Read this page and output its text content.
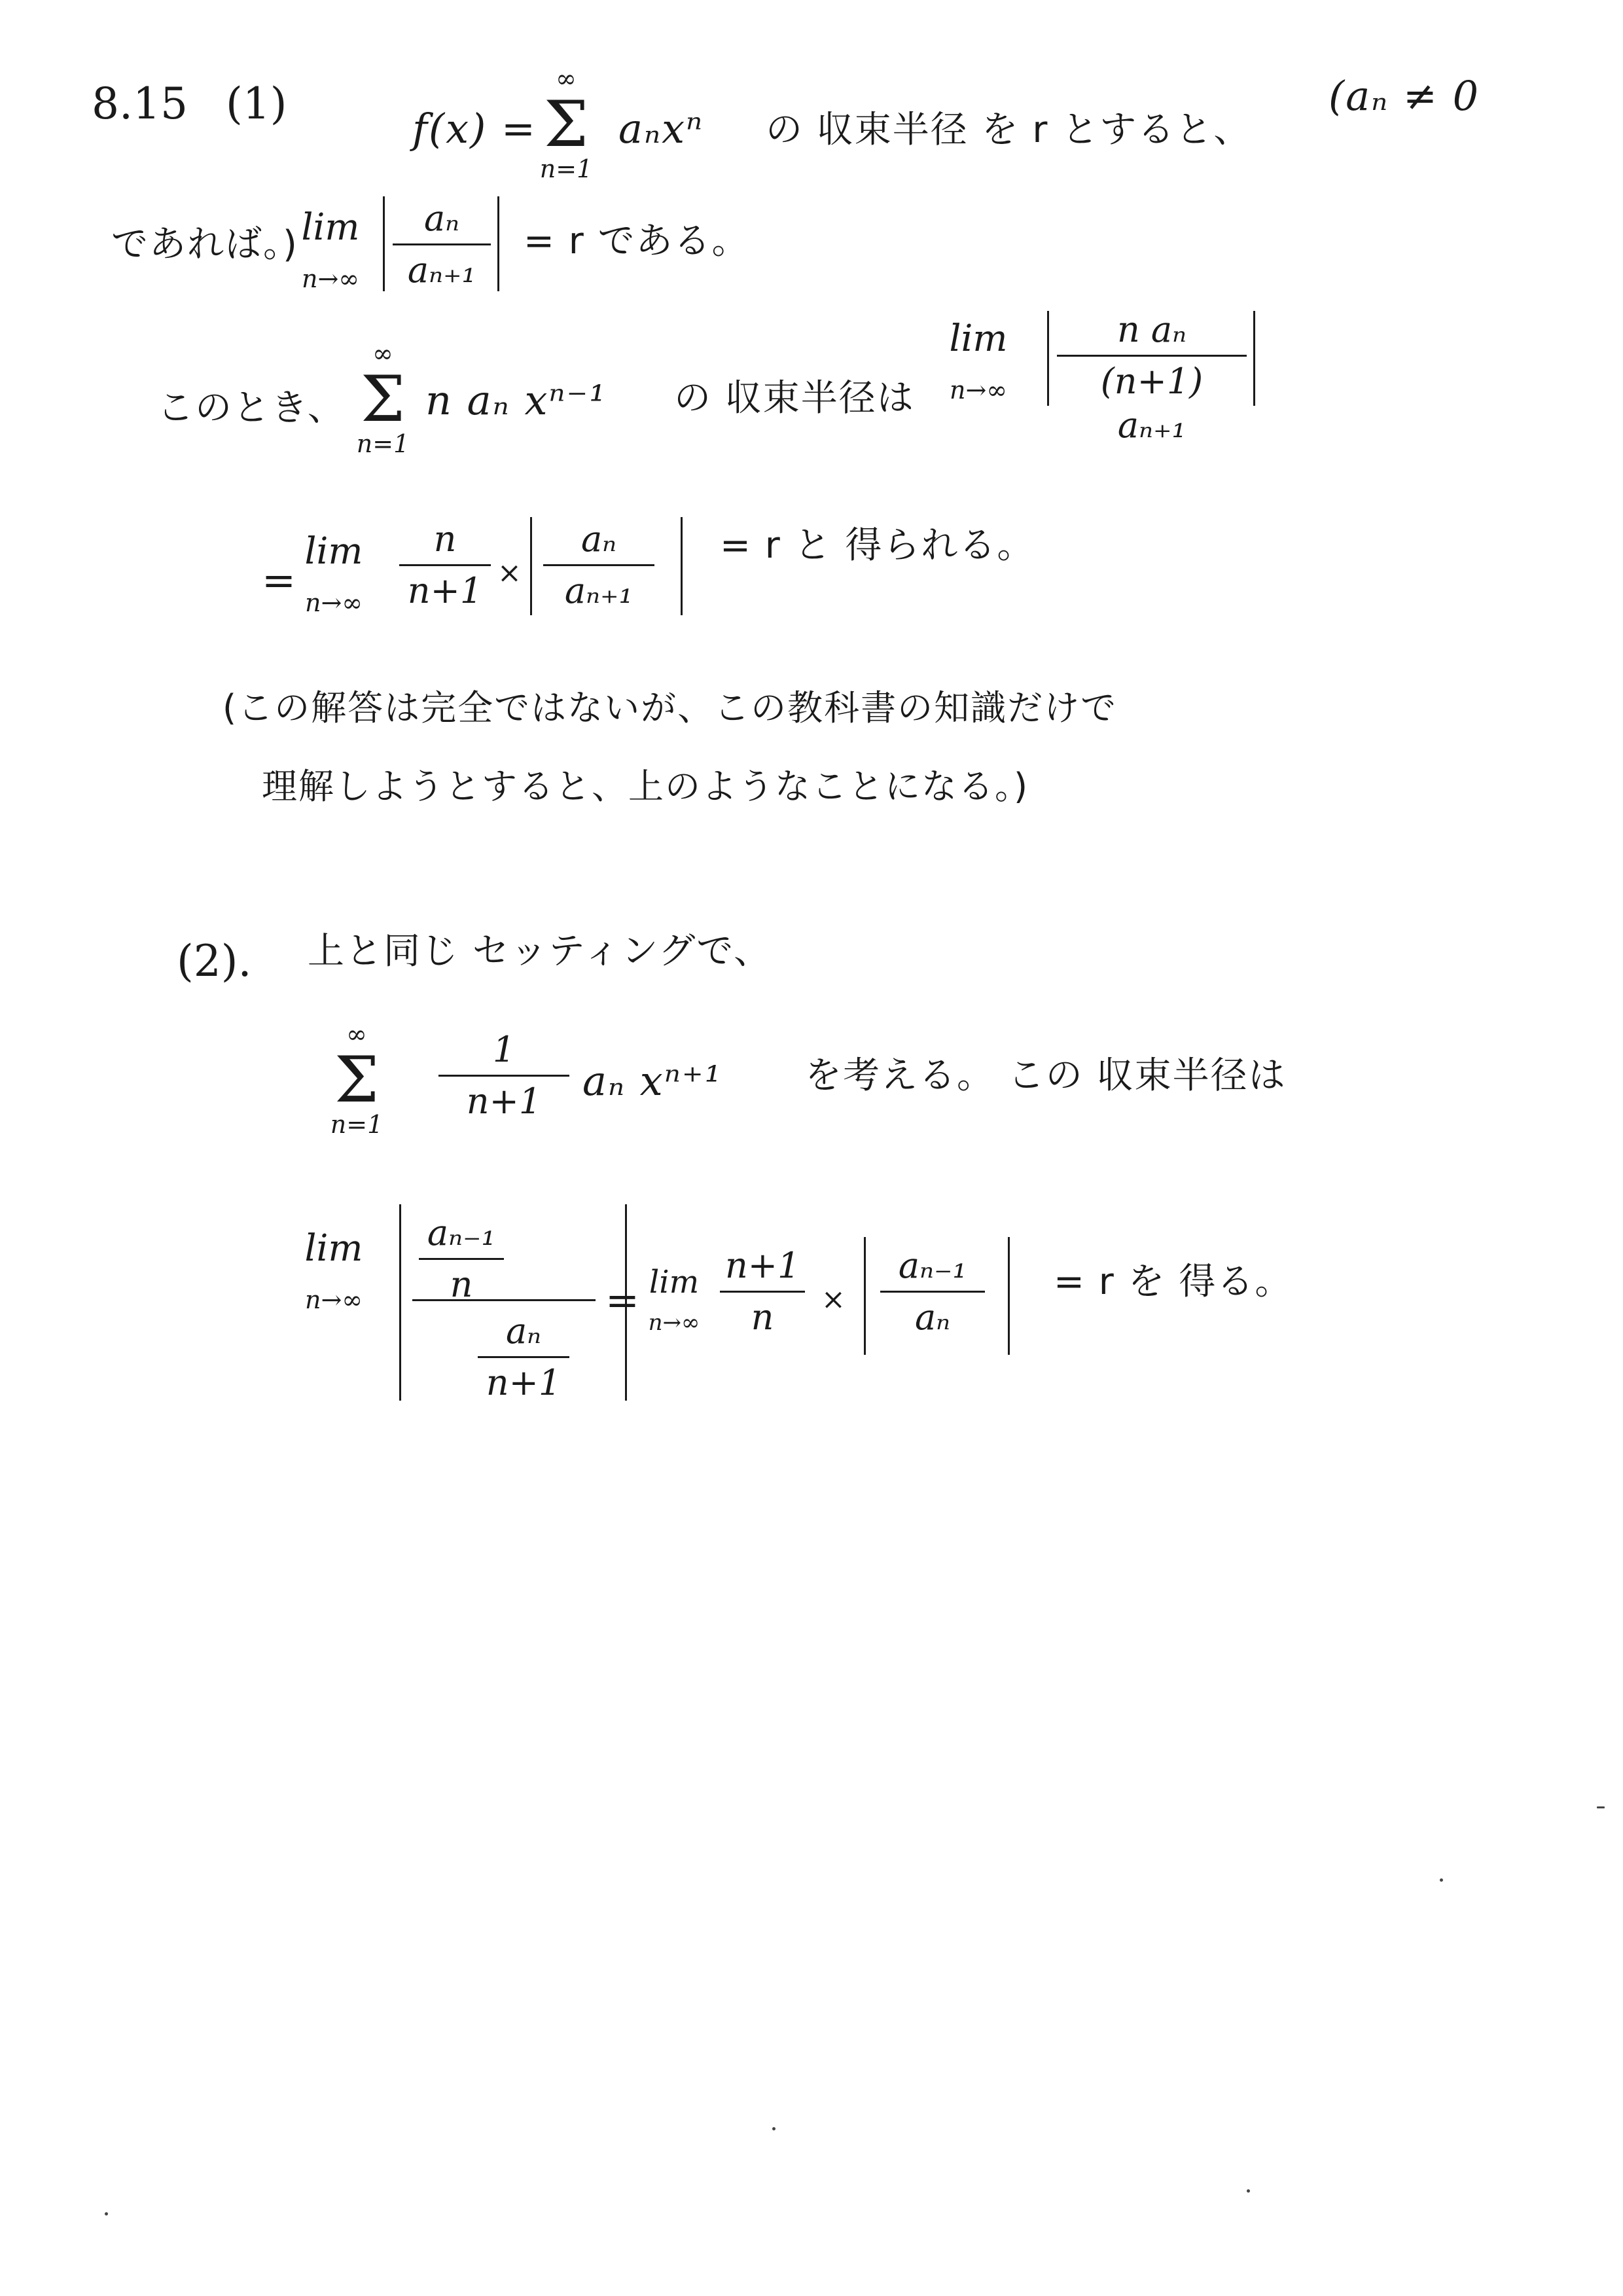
8.15 (1)	f(x) =
∞
Σ
n=1
aₙxⁿ の 収束半径 を r とすると、
(aₙ ≠ 0
であれば。) lim
n→∞
aₙ
aₙ₊₁
= r である。
このとき、
∞
Σ
n=1
n aₙ xⁿ⁻¹ の 収束半径は
lim
n→∞
n aₙ
(n+1) aₙ₊₁
=
lim
n→∞
n
n+1 ×
aₙ
aₙ₊₁
= r と 得られる。
(この解答は完全ではないが、この教科書の知識だけで
理解しようとすると、上のようなことになる。)
(2). 上と同じ セッティングで、
∞
Σ
n=1
1
n+1	aₙ xⁿ⁺¹ を考える。 この 収束半径は
lim
n→∞
aₙ₋₁
n
aₙ
n+1
= lim
n→∞
n+1
n	×
aₙ₋₁
aₙ
= r を 得る。
